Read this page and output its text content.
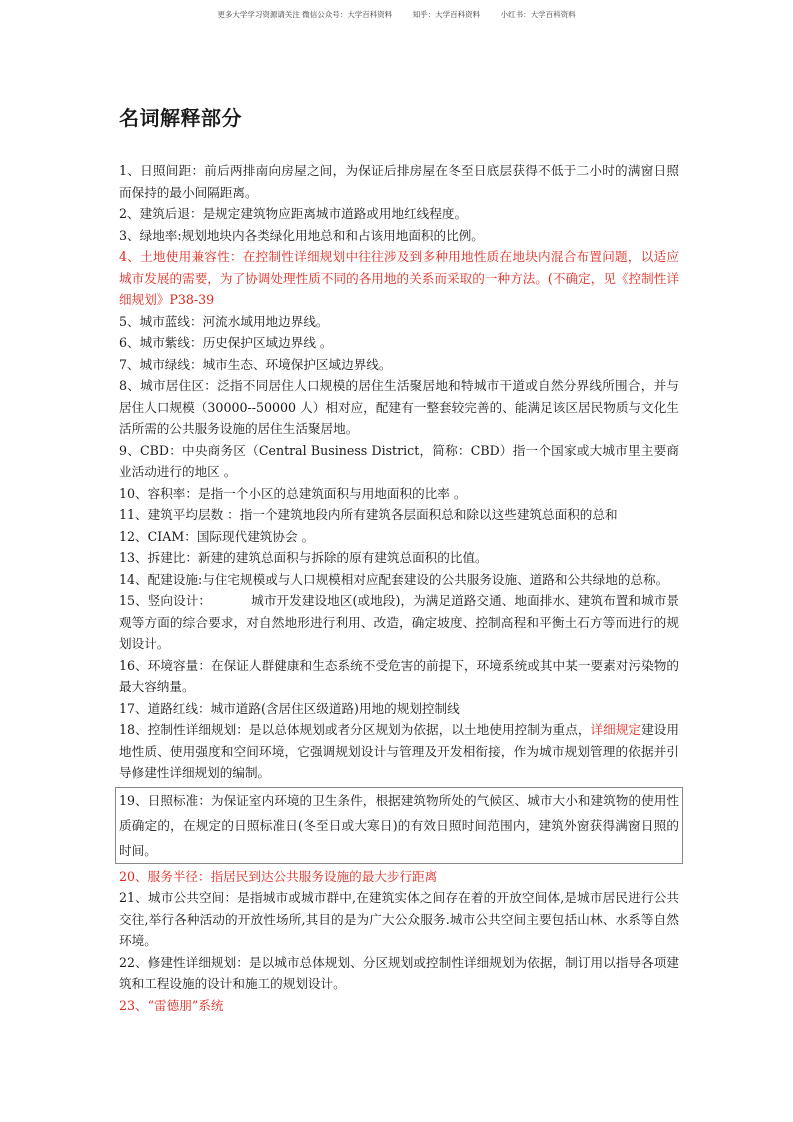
更多大学学习资源请关注 微信公众号：大学百科资料	知乎：大学百科资料	小红书：大学百科资料
名词解释部分

1、日照间距：前后两排南向房屋之间，为保证后排房屋在冬至日底层获得不低于二小时的满窗日照而保持的最小间隔距离。

2、建筑后退：是规定建筑物应距离城市道路或用地红线程度。

3、绿地率:规划地块内各类绿化用地总和和占该用地面积的比例。

4、土地使用兼容性：在控制性详细规划中往往涉及到多种用地性质在地块内混合布置问题，以适应城市发展的需要，为了协调处理性质不同的各用地的关系而采取的一种方法。(不确定，见《控制性详细规划》P38-39

5、城市蓝线：河流水域用地边界线。

6、城市紫线：历史保护区域边界线 。

7、城市绿线：城市生态、环境保护区域边界线。

8、城市居住区：泛指不同居住人口规模的居住生活聚居地和特城市干道或自然分界线所围合，并与居住人口规模（30000--50000 人）相对应，配建有一整套较完善的、能满足该区居民物质与文化生活所需的公共服务设施的居住生活聚居地。

9、CBD：中央商务区（Central Business District，简称：CBD）指一个国家或大城市里主要商业活动进行的地区 。

10、容积率：是指一个小区的总建筑面积与用地面积的比率 。

11、建筑平均层数 ：指一个建筑地段内所有建筑各层面积总和除以这些建筑总面积的总和

12、CIAM：国际现代建筑协会 。

13、拆建比：新建的建筑总面积与拆除的原有建筑总面积的比值。

14、配建设施:与住宅规模或与人口规模相对应配套建设的公共服务设施、道路和公共绿地的总称。

15、竖向设计：	城市开发建设地区(或地段)，为满足道路交通、地面排水、建筑布置和城市景观等方面的综合要求，对自然地形进行利用、改造，确定坡度、控制高程和平衡土石方等而进行的规划设计。

16、环境容量：在保证人群健康和生态系统不受危害的前提下，环境系统或其中某一要素对污染物的最大容纳量。

17、道路红线：城市道路(含居住区级道路)用地的规划控制线

18、控制性详细规划：是以总体规划或者分区规划为依据，以土地使用控制为重点，详细规定建设用地性质、使用强度和空间环境，它强调规划设计与管理及开发相衔接，作为城市规划管理的依据并引导修建性详细规划的编制。

19、日照标准：为保证室内环境的卫生条件，根据建筑物所处的气候区、城市大小和建筑物的使用性质确定的，在规定的日照标准日(冬至日或大寒日)的有效日照时间范围内，建筑外窗获得满窗日照的时间。

20、服务半径：指居民到达公共服务设施的最大步行距离

21、城市公共空间：是指城市或城市群中,在建筑实体之间存在着的开放空间体,是城市居民进行公共交往,举行各种活动的开放性场所,其目的是为广大公众服务.城市公共空间主要包括山林、水系等自然环境。

22、修建性详细规划：是以城市总体规划、分区规划或控制性详细规划为依据，制订用以指导各项建筑和工程设施的设计和施工的规划设计。

23、“雷德朋”系统
